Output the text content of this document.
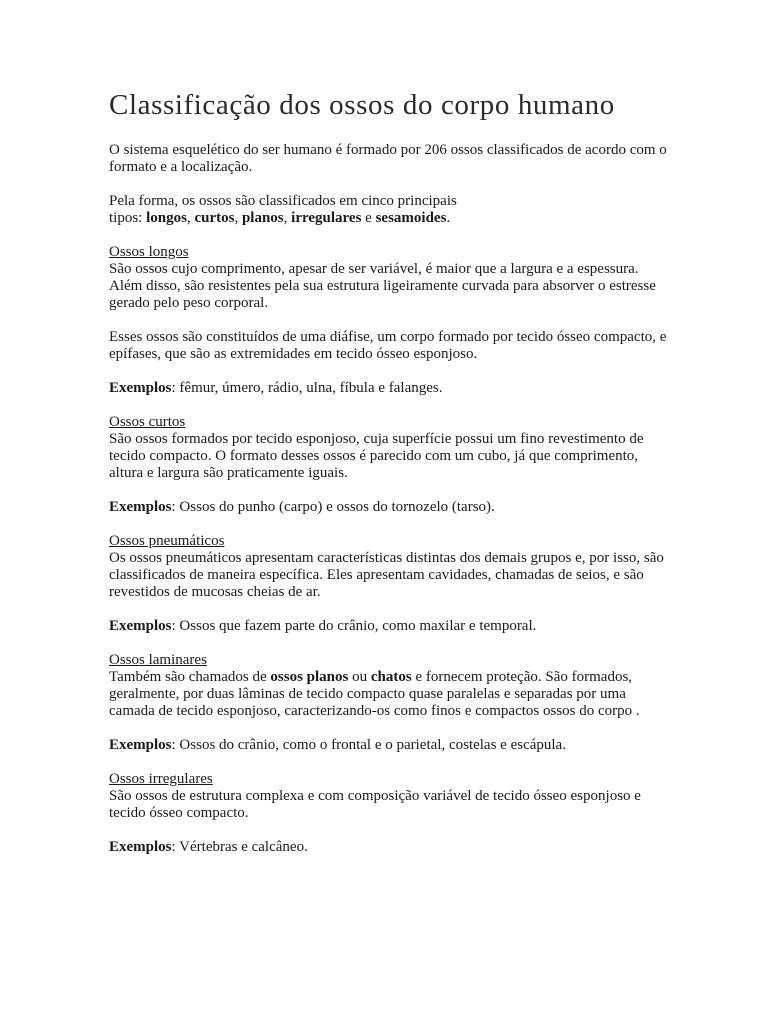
Classificação dos ossos do corpo humano

O sistema esquelético do ser humano é formado por 206 ossos classificados de acordo com o formato e a localização.

Pela forma, os ossos são classificados em cinco principais
tipos: longos, curtos, planos, irregulares e sesamoides.

Ossos longos
São ossos cujo comprimento, apesar de ser variável, é maior que a largura e a espessura. Além disso, são resistentes pela sua estrutura ligeiramente curvada para absorver o estresse gerado pelo peso corporal.

Esses ossos são constituídos de uma diáfise, um corpo formado por tecido ósseo compacto, e epífases, que são as extremidades em tecido ósseo esponjoso.

Exemplos: fêmur, úmero, rádio, ulna, fíbula e falanges.

Ossos curtos
São ossos formados por tecido esponjoso, cuja superfície possui um fino revestimento de tecido compacto. O formato desses ossos é parecido com um cubo, já que comprimento, altura e largura são praticamente iguais.

Exemplos: Ossos do punho (carpo) e ossos do tornozelo (tarso).

Ossos pneumáticos
Os ossos pneumáticos apresentam características distintas dos demais grupos e, por isso, são classificados de maneira específica. Eles apresentam cavidades, chamadas de seios, e são revestidos de mucosas cheias de ar.

Exemplos: Ossos que fazem parte do crânio, como maxilar e temporal.

Ossos laminares
Também são chamados de ossos planos ou chatos e fornecem proteção. São formados, geralmente, por duas lâminas de tecido compacto quase paralelas e separadas por uma camada de tecido esponjoso, caracterizando-os como finos e compactos ossos do corpo .

Exemplos: Ossos do crânio, como o frontal e o parietal, costelas e escápula.

Ossos irregulares
São ossos de estrutura complexa e com composição variável de tecido ósseo esponjoso e tecido ósseo compacto.

Exemplos: Vértebras e calcâneo.
